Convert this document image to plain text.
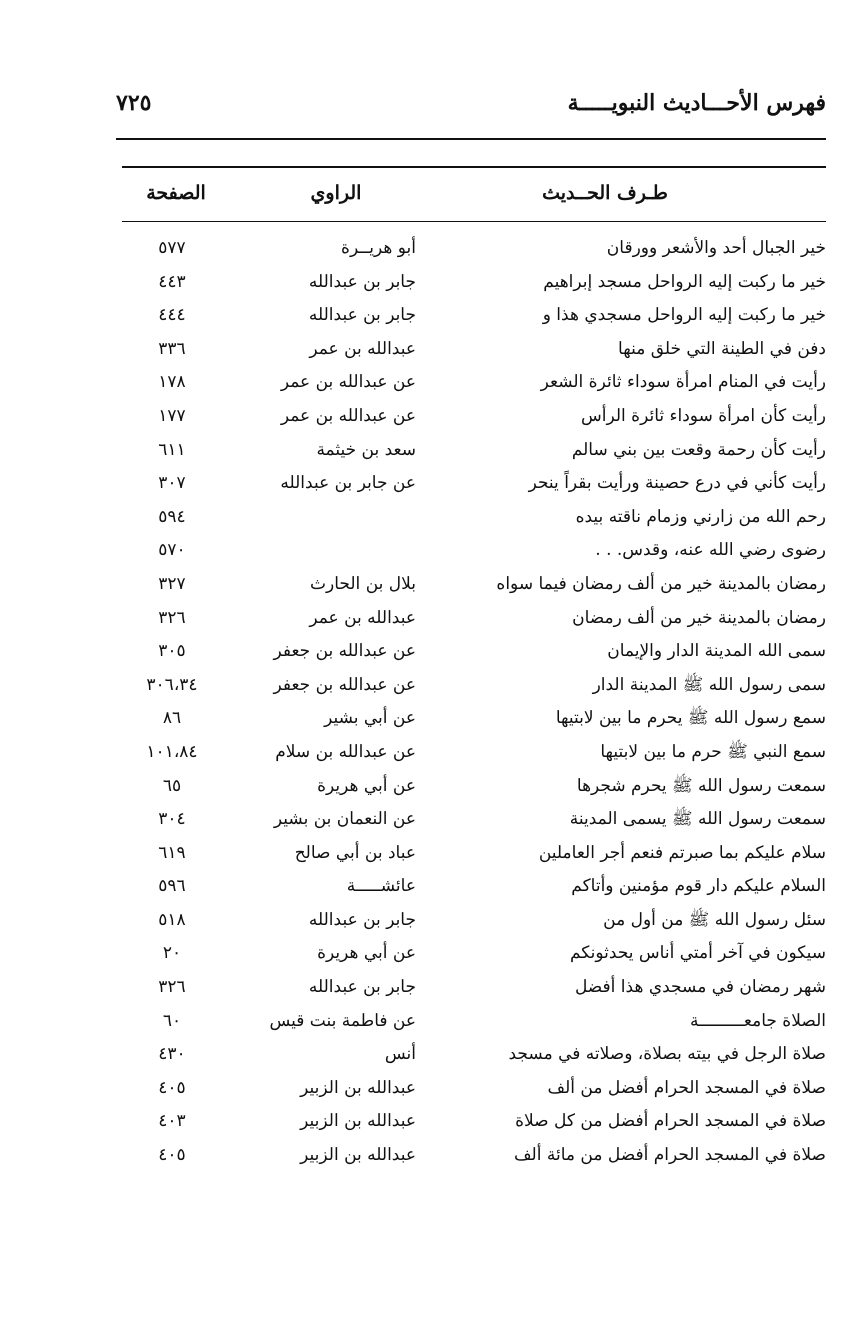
فهرس الأحـــاديث النبويـــــة
٧٢٥
طـرف الحــديث
الراوي
الصفحة
خير الجبال أحد والأشعر وورقان
أبو هريــرة
٥٧٧
خير ما ركبت إليه الرواحل مسجد إبراهيم
جابر بن عبدالله
٤٤٣
خير ما ركبت إليه الرواحل مسجدي هذا و
جابر بن عبدالله
٤٤٤
دفن في الطينة التي خلق منها
عبدالله بن عمر
٣٣٦
رأيت في المنام امرأة سوداء ثائرة الشعر
عن عبدالله بن عمر
١٧٨
رأيت كأن امرأة سوداء ثائرة الرأس
عن عبدالله بن عمر
١٧٧
رأيت كأن رحمة وقعت بين بني سالم
سعد بن خيثمة
٦١١
رأيت كأني في درع حصينة ورأيت بقراً ينحر
عن جابر بن عبدالله
٣٠٧
رحم الله من زارني وزمام ناقته بيده
٥٩٤
رضوى رضي الله عنه، وقدس. . .
٥٧٠
رمضان بالمدينة خير من ألف رمضان فيما سواه
بلال بن الحارث
٣٢٧
رمضان بالمدينة خير من ألف رمضان
عبدالله بن عمر
٣٢٦
سمى الله المدينة الدار والإيمان
عن عبدالله بن جعفر
٣٠٥
سمى رسول الله ﷺ المدينة الدار
عن عبدالله بن جعفر
٣٠٦،٣٤
سمع رسول الله ﷺ يحرم ما بين لابتيها
عن أبي بشير
٨٦
سمع النبي ﷺ حرم ما بين لابتيها
عن عبدالله بن سلام
١٠١،٨٤
سمعت رسول الله ﷺ يحرم شجرها
عن أبي هريرة
٦٥
سمعت رسول الله ﷺ يسمى المدينة
عن النعمان بن بشير
٣٠٤
سلام عليكم بما صبرتم فنعم أجر العاملين
عباد بن أبي صالح
٦١٩
السلام عليكم دار قوم مؤمنين وأتاكم
عائشـــــة
٥٩٦
سئل رسول الله ﷺ من أول من
جابر بن عبدالله
٥١٨
سيكون في آخر أمتي أناس يحدثونكم
عن أبي هريرة
٢٠
شهر رمضان في مسجدي هذا أفضل
جابر بن عبدالله
٣٢٦
الصلاة جامعـــــــــة
عن فاطمة بنت قيس
٦٠
صلاة الرجل في بيته بصلاة، وصلاته في مسجد
أنس
٤٣٠
صلاة في المسجد الحرام أفضل من ألف
عبدالله بن الزبير
٤٠٥
صلاة في المسجد الحرام أفضل من كل صلاة
عبدالله بن الزبير
٤٠٣
صلاة في المسجد الحرام أفضل من مائة ألف
عبدالله بن الزبير
٤٠٥
